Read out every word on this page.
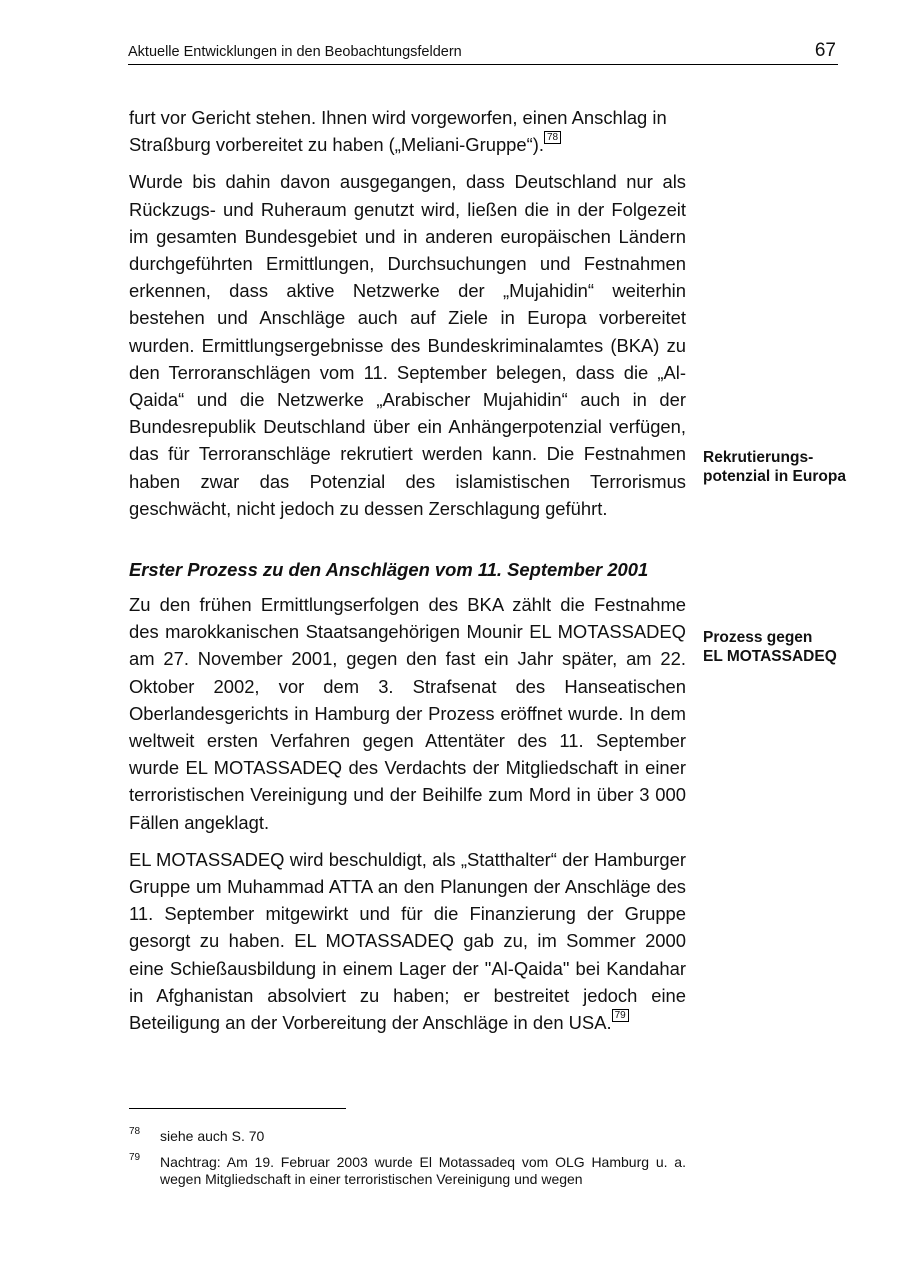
Aktuelle Entwicklungen in den Beobachtungsfeldern	67

furt vor Gericht stehen. Ihnen wird vorgeworfen, einen Anschlag in Straßburg vorbereitet zu haben („Meliani-Gruppe“). 78

Wurde bis dahin davon ausgegangen, dass Deutschland nur als Rückzugs- und Ruheraum genutzt wird, ließen die in der Folgezeit im gesamten Bundesgebiet und in anderen europäischen Ländern durchgeführten Ermittlungen, Durchsuchungen und Festnahmen erkennen, dass aktive Netzwerke der „Mujahidin“ weiterhin bestehen und Anschläge auch auf Ziele in Europa vorbereitet wurden. Ermittlungsergebnisse des Bundeskriminalamtes (BKA) zu den Terroranschlägen vom 11. September belegen, dass die „Al-Qaida“ und die Netzwerke „Arabischer Mujahidin“ auch in der Bundesrepublik Deutschland über ein Anhängerpotenzial verfügen, das für Terroranschläge rekrutiert werden kann. Die Festnahmen haben zwar das Potenzial des islamistischen Terrorismus geschwächt, nicht jedoch zu dessen Zerschlagung geführt.

Erster Prozess zu den Anschlägen vom 11. September 2001

Zu den frühen Ermittlungserfolgen des BKA zählt die Festnahme des marokkanischen Staatsangehörigen Mounir EL MOTASSADEQ am 27. November 2001, gegen den fast ein Jahr später, am 22. Oktober 2002, vor dem 3. Strafsenat des Hanseatischen Oberlandesgerichts in Hamburg der Prozess eröffnet wurde. In dem weltweit ersten Verfahren gegen Attentäter des 11. September wurde EL MOTASSADEQ des Verdachts der Mitgliedschaft in einer terroristischen Vereinigung und der Beihilfe zum Mord in über 3 000 Fällen angeklagt.

EL MOTASSADEQ wird beschuldigt, als „Statthalter“ der Hamburger Gruppe um Muhammad ATTA an den Planungen der Anschläge des 11. September mitgewirkt und für die Finanzierung der Gruppe gesorgt zu haben. EL MOTASSADEQ gab zu, im Sommer 2000 eine Schießausbildung in einem Lager der "Al-Qaida" bei Kandahar in Afghanistan absolviert zu haben; er bestreitet jedoch eine Beteiligung an der Vorbereitung der Anschläge in den USA. 79

Rekrutierungs-
potenzial in Europa
Prozess gegen
EL MOTASSADEQ
78 siehe auch S. 70
79 Nachtrag: Am 19. Februar 2003 wurde El Motassadeq vom OLG Hamburg u. a. wegen Mitgliedschaft in einer terroristischen Vereinigung und wegen
